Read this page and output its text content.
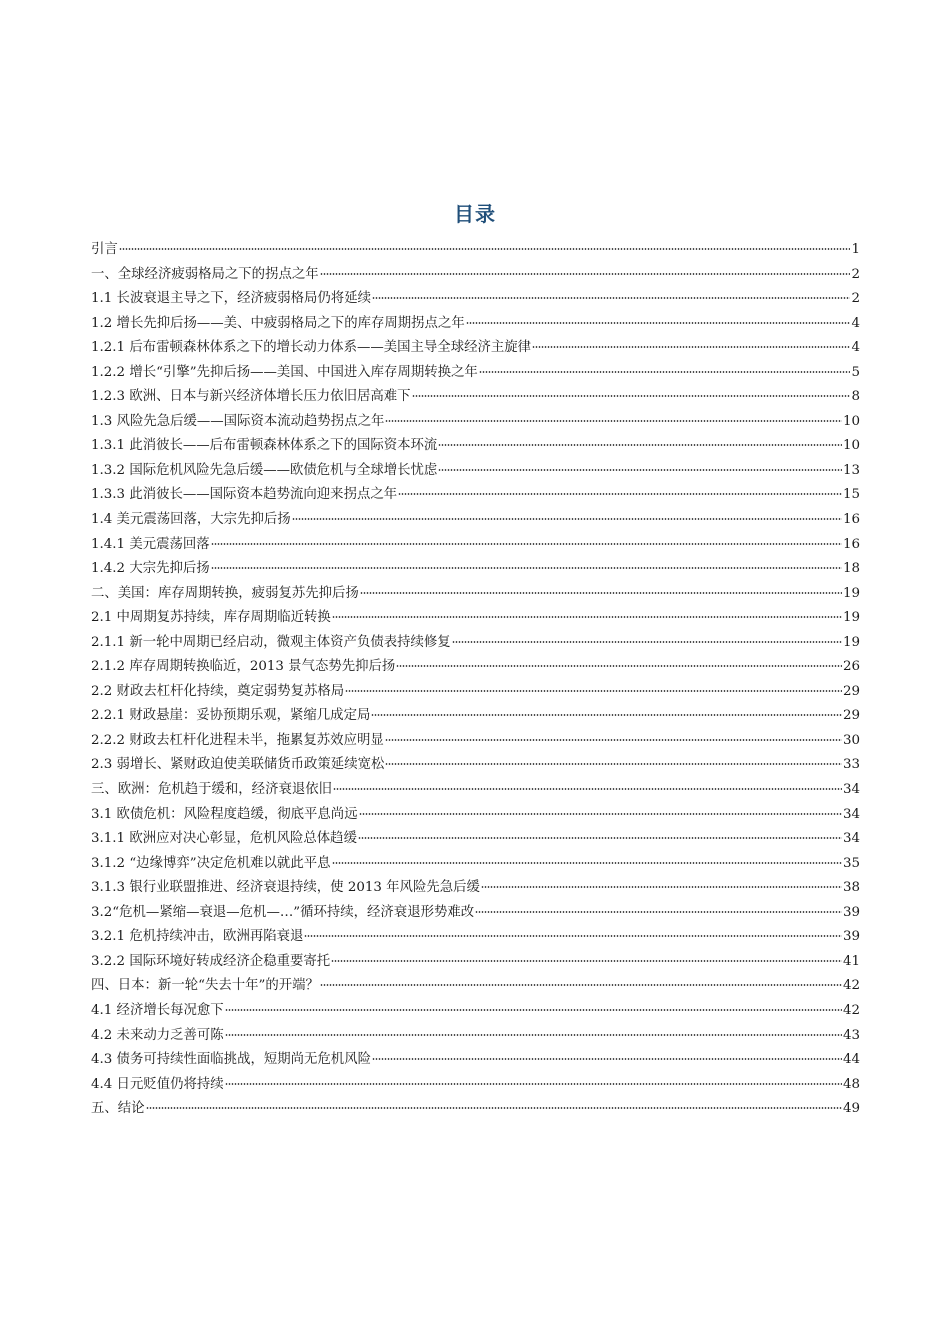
目录
引言	1
一、全球经济疲弱格局之下的拐点之年	2
1.1 长波衰退主导之下，经济疲弱格局仍将延续	2
1.2 增长先抑后扬——美、中疲弱格局之下的库存周期拐点之年	4
1.2.1 后布雷顿森林体系之下的增长动力体系——美国主导全球经济主旋律	4
1.2.2 增长“引擎”先抑后扬——美国、中国进入库存周期转换之年	5
1.2.3 欧洲、日本与新兴经济体增长压力依旧居高难下	8
1.3 风险先急后缓——国际资本流动趋势拐点之年	10
1.3.1 此消彼长——后布雷顿森林体系之下的国际资本环流	10
1.3.2 国际危机风险先急后缓——欧债危机与全球增长忧虑	13
1.3.3 此消彼长——国际资本趋势流向迎来拐点之年	15
1.4 美元震荡回落，大宗先抑后扬	16
1.4.1 美元震荡回落	16
1.4.2 大宗先抑后扬	18
二、美国：库存周期转换，疲弱复苏先抑后扬	19
2.1 中周期复苏持续，库存周期临近转换	19
2.1.1 新一轮中周期已经启动，微观主体资产负债表持续修复	19
2.1.2 库存周期转换临近，2013 景气态势先抑后扬	26
2.2 财政去杠杆化持续，奠定弱势复苏格局	29
2.2.1 财政悬崖：妥协预期乐观，紧缩几成定局	29
2.2.2 财政去杠杆化进程未半，拖累复苏效应明显	30
2.3 弱增长、紧财政迫使美联储货币政策延续宽松	33
三、欧洲：危机趋于缓和，经济衰退依旧	34
3.1 欧债危机：风险程度趋缓，彻底平息尚远	34
3.1.1 欧洲应对决心彰显，危机风险总体趋缓	34
3.1.2 “边缘博弈”决定危机难以就此平息	35
3.1.3 银行业联盟推进、经济衰退持续，使 2013 年风险先急后缓	38
3.2“危机—紧缩—衰退—危机—…”循环持续，经济衰退形势难改	39
3.2.1 危机持续冲击，欧洲再陷衰退	39
3.2.2 国际环境好转成经济企稳重要寄托	41
四、日本：新一轮“失去十年”的开端？	42
4.1 经济增长每况愈下	42
4.2 未来动力乏善可陈	43
4.3 债务可持续性面临挑战，短期尚无危机风险	44
4.4 日元贬值仍将持续	48
五、结论	49
